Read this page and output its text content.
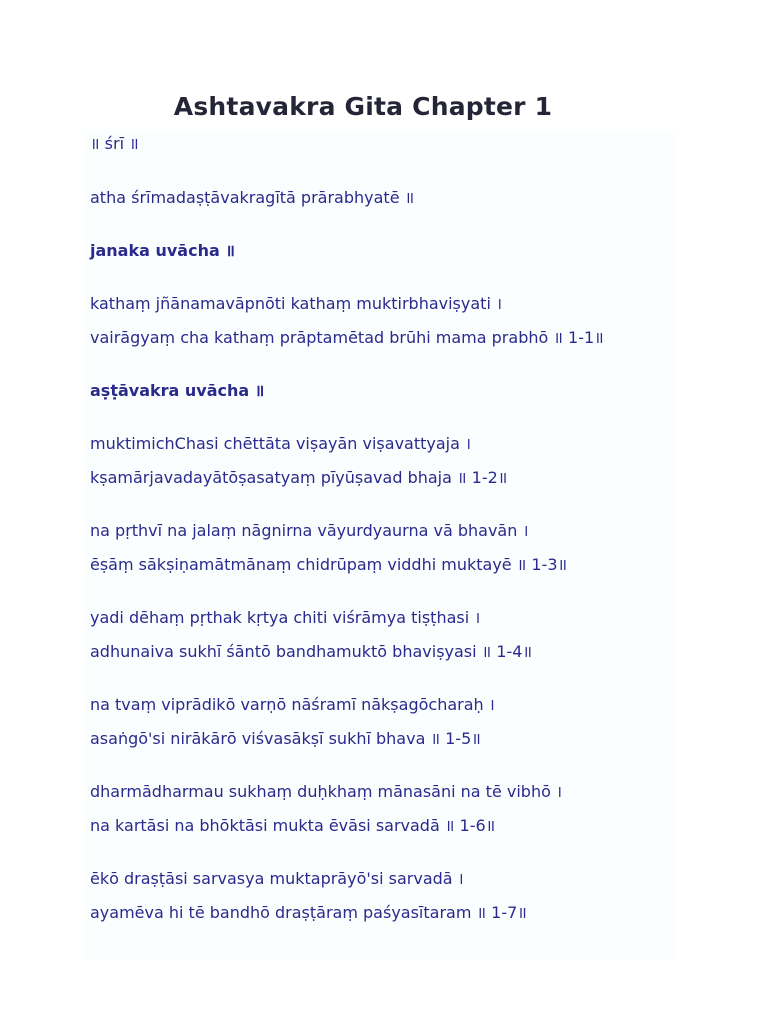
Ashtavakra Gita Chapter 1

॥ śrī ॥

atha śrīmadaṣṭāvakragītā prārabhyatē ॥

janaka uvācha ॥

kathaṃ jñānamavāpnōti kathaṃ muktirbhaviṣyati ।

vairāgyaṃ cha kathaṃ prāptamētad brūhi mama prabhō ॥ 1-1॥

aṣṭāvakra uvācha ॥

muktimichChasi chēttāta viṣayān viṣavattyaja ।

kṣamārjavadayātōṣasatyaṃ pīyūṣavad bhaja ॥ 1-2॥

na pṛthvī na jalaṃ nāgnirna vāyurdyaurna vā bhavān ।

ēṣāṃ sākṣiṇamātmānaṃ chidrūpaṃ viddhi muktayē ॥ 1-3॥

yadi dēhaṃ pṛthak kṛtya chiti viśrāmya tiṣṭhasi ।

adhunaiva sukhī śāntō bandhamuktō bhaviṣyasi ॥ 1-4॥

na tvaṃ viprādikō varṇō nāśramī nākṣagōcharaḥ ।

asaṅgō'si nirākārō viśvasākṣī sukhī bhava ॥ 1-5॥

dharmādharmau sukhaṃ duḥkhaṃ mānasāni na tē vibhō ।

na kartāsi na bhōktāsi mukta ēvāsi sarvadā ॥ 1-6॥

ēkō draṣṭāsi sarvasya muktaprāyō'si sarvadā ।

ayamēva hi tē bandhō draṣṭāraṃ paśyasītaram ॥ 1-7॥
